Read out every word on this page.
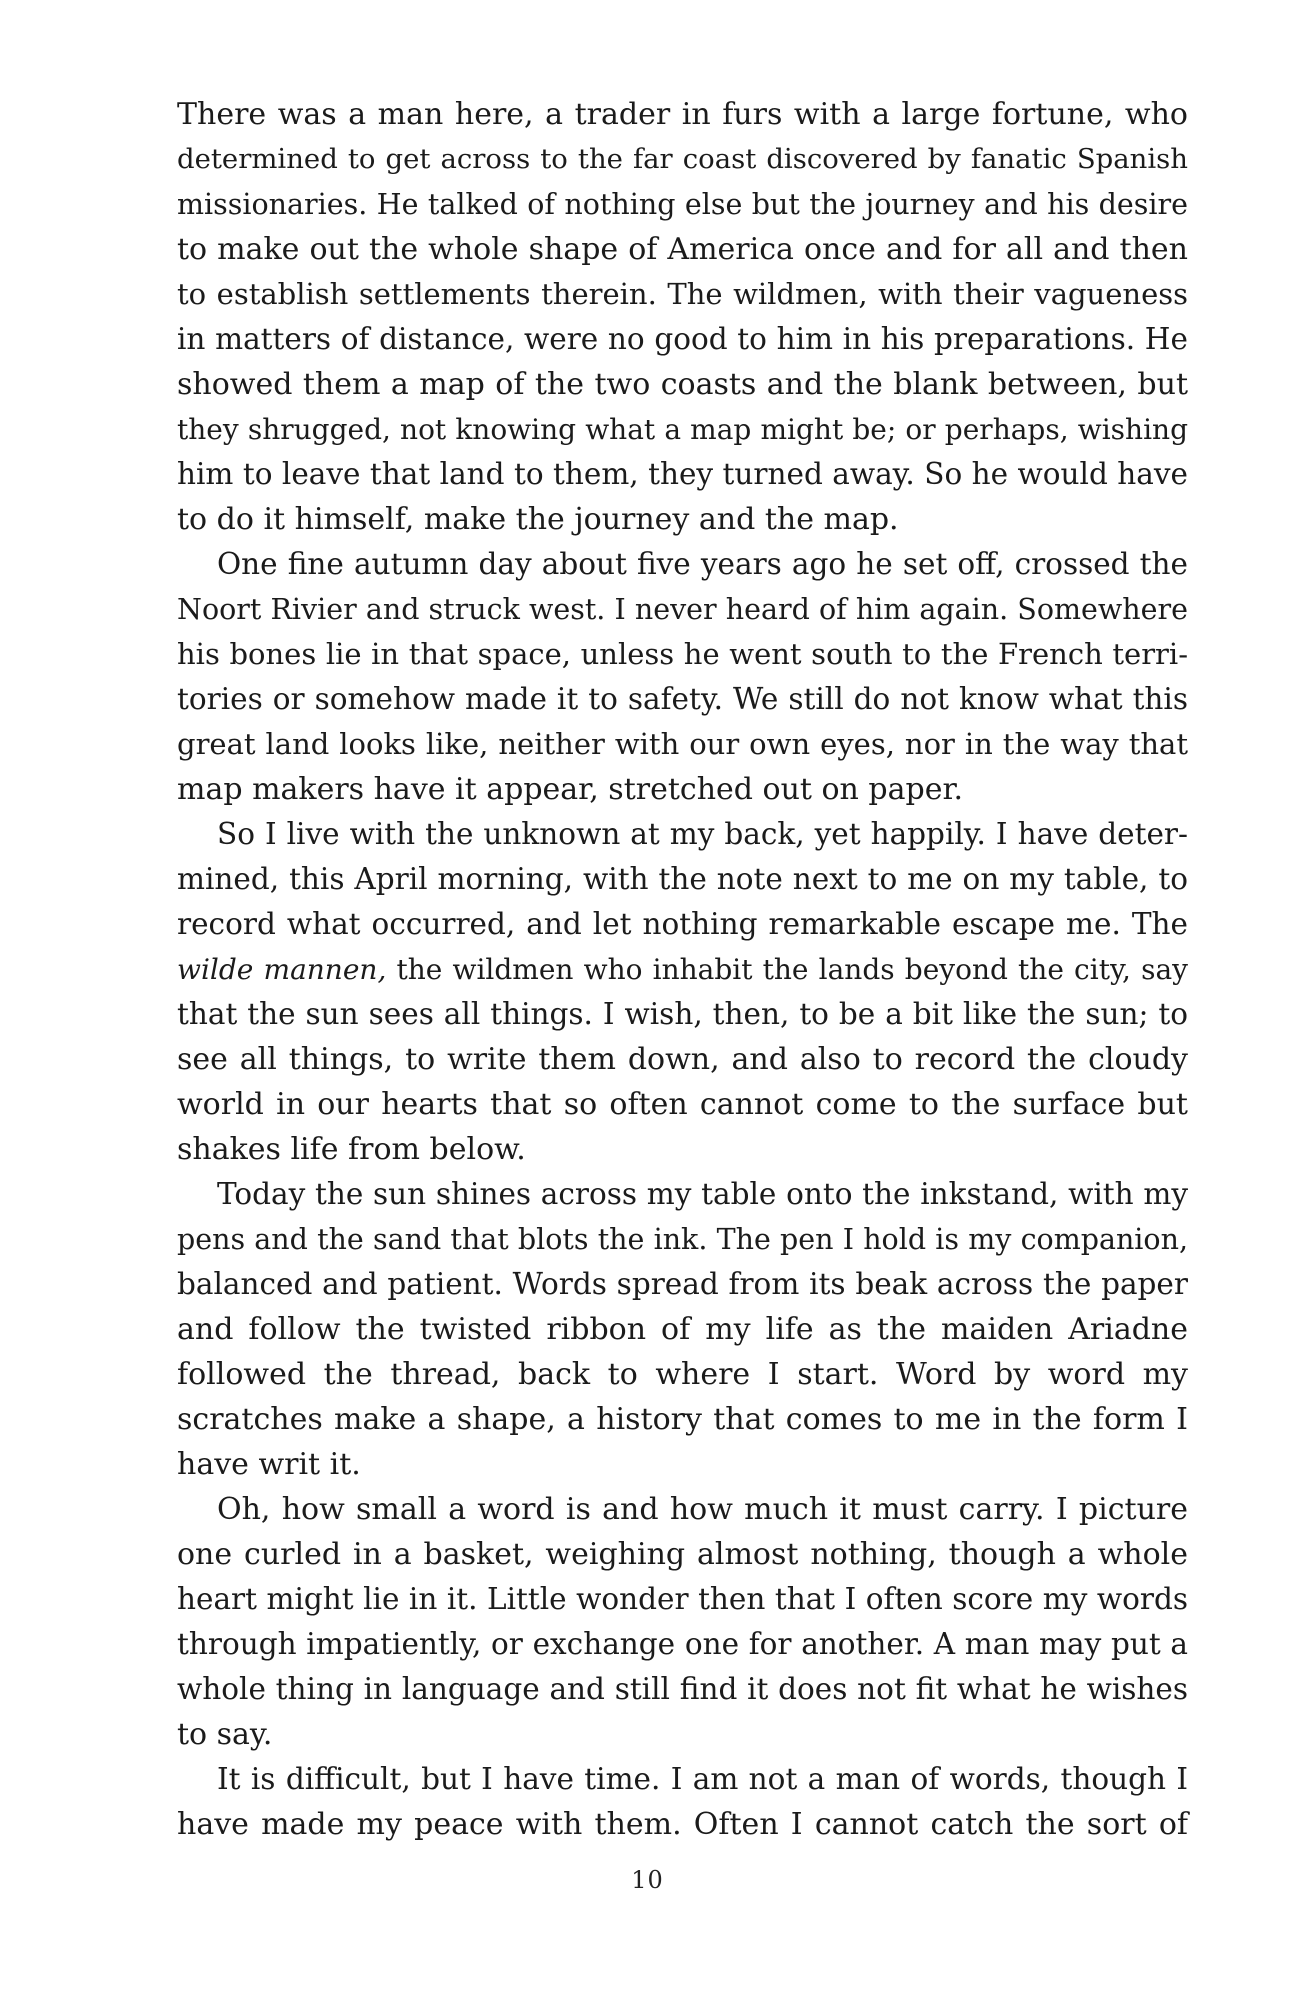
There was a man here, a trader in furs with a large fortune, who
determined to get across to the far coast discovered by fanatic Spanish
missionaries. He talked of nothing else but the journey and his desire
to make out the whole shape of America once and for all and then
to establish settlements therein. The wildmen, with their vagueness
in matters of distance, were no good to him in his preparations. He
showed them a map of the two coasts and the blank between, but
they shrugged, not knowing what a map might be; or perhaps, wishing
him to leave that land to them, they turned away. So he would have
to do it himself, make the journey and the map.
One fine autumn day about five years ago he set off, crossed the
Noort Rivier and struck west. I never heard of him again. Somewhere
his bones lie in that space, unless he went south to the French terri-
tories or somehow made it to safety. We still do not know what this
great land looks like, neither with our own eyes, nor in the way that
map makers have it appear, stretched out on paper.
So I live with the unknown at my back, yet happily. I have deter-
mined, this April morning, with the note next to me on my table, to
record what occurred, and let nothing remarkable escape me. The
wilde mannen, the wildmen who inhabit the lands beyond the city, say
that the sun sees all things. I wish, then, to be a bit like the sun; to
see all things, to write them down, and also to record the cloudy
world in our hearts that so often cannot come to the surface but
shakes life from below.
Today the sun shines across my table onto the inkstand, with my
pens and the sand that blots the ink. The pen I hold is my companion,
balanced and patient. Words spread from its beak across the paper
and follow the twisted ribbon of my life as the maiden Ariadne
followed the thread, back to where I start. Word by word my
scratches make a shape, a history that comes to me in the form I
have writ it.
Oh, how small a word is and how much it must carry. I picture
one curled in a basket, weighing almost nothing, though a whole
heart might lie in it. Little wonder then that I often score my words
through impatiently, or exchange one for another. A man may put a
whole thing in language and still find it does not fit what he wishes
to say.
It is difficult, but I have time. I am not a man of words, though I
have made my peace with them. Often I cannot catch the sort of
10
